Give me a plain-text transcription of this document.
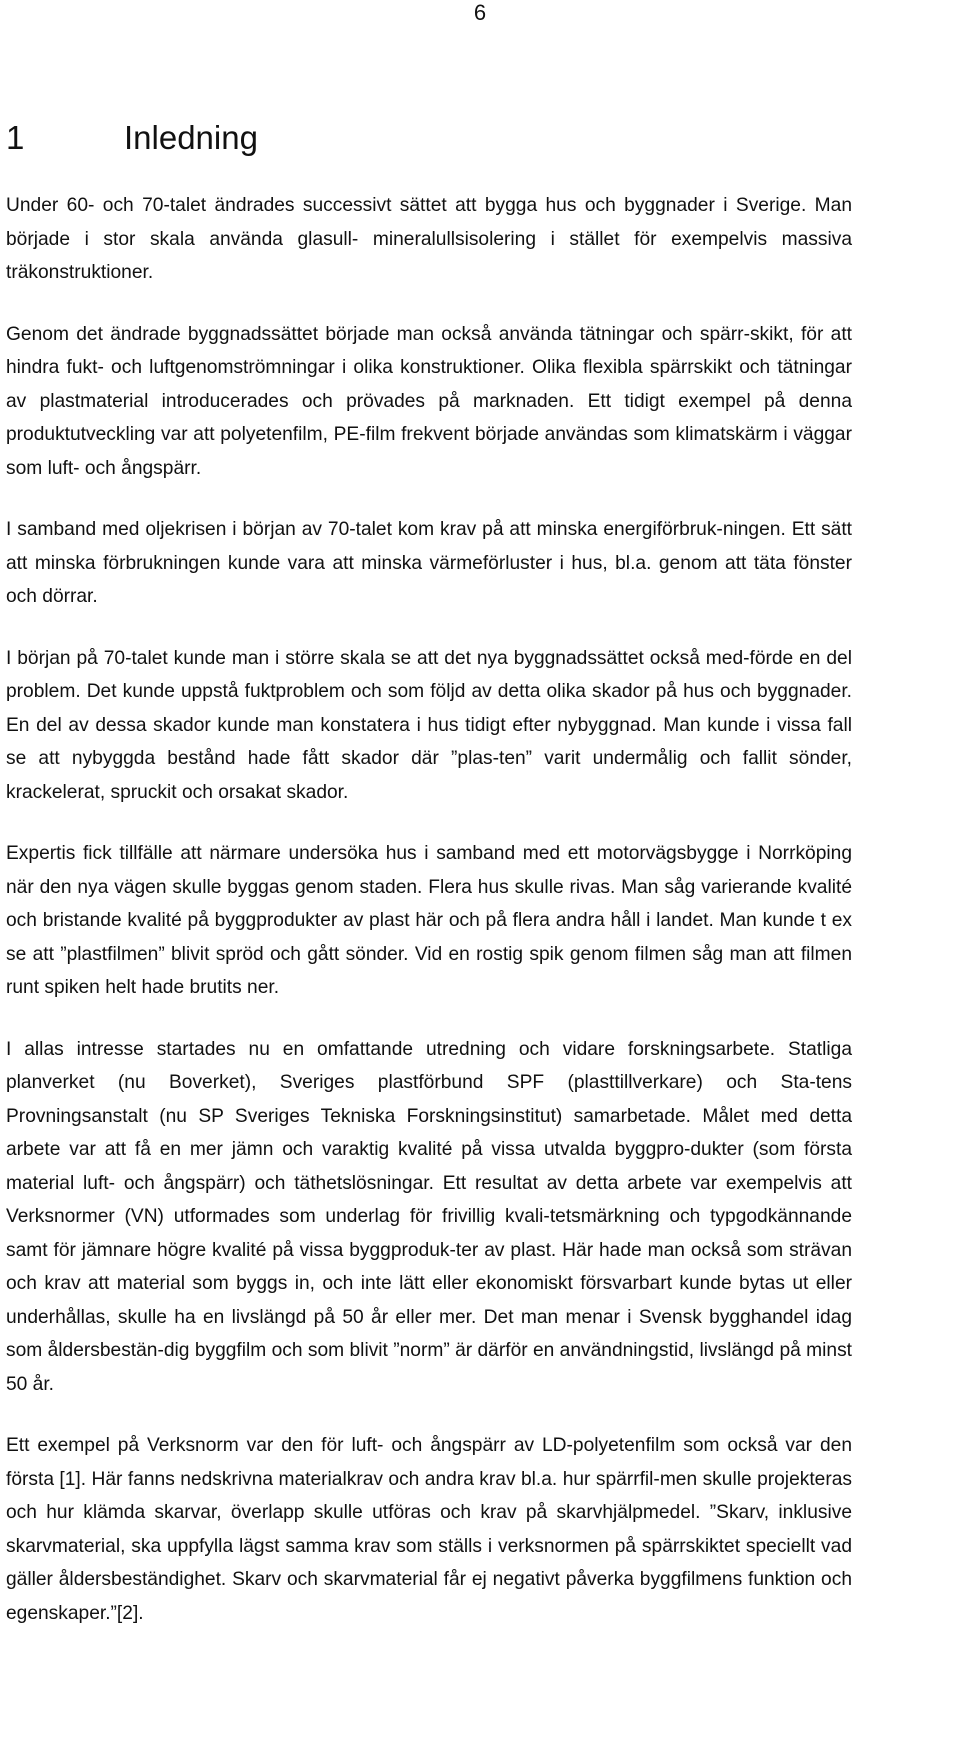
6
1	Inledning

Under 60- och 70-talet ändrades successivt sättet att bygga hus och byggnader i Sverige. Man började i stor skala använda glasull- mineralullsisolering i stället för exempelvis massiva träkonstruktioner.

Genom det ändrade byggnadssättet började man också använda tätningar och spärr-skikt, för att hindra fukt- och luftgenomströmningar i olika konstruktioner. Olika flexibla spärrskikt och tätningar av plastmaterial introducerades och prövades på marknaden. Ett tidigt exempel på denna produktutveckling var att polyetenfilm, PE-film frekvent började användas som klimatskärm i väggar som luft- och ångspärr.

I samband med oljekrisen i början av 70-talet kom krav på att minska energiförbruk-ningen. Ett sätt att minska förbrukningen kunde vara att minska värmeförluster i hus, bl.a. genom att täta fönster och dörrar.

I början på 70-talet kunde man i större skala se att det nya byggnadssättet också med-förde en del problem. Det kunde uppstå fuktproblem och som följd av detta olika skador på hus och byggnader. En del av dessa skador kunde man konstatera i hus tidigt efter nybyggnad. Man kunde i vissa fall se att nybyggda bestånd hade fått skador där ”plas-ten” varit undermålig och fallit sönder, krackelerat, spruckit och orsakat skador.

Expertis fick tillfälle att närmare undersöka hus i samband med ett motorvägsbygge i Norrköping när den nya vägen skulle byggas genom staden. Flera hus skulle rivas. Man såg varierande kvalité och bristande kvalité på byggprodukter av plast här och på flera andra håll i landet. Man kunde t ex se att ”plastfilmen” blivit spröd och gått sönder. Vid en rostig spik genom filmen såg man att filmen runt spiken helt hade brutits ner.

I allas intresse startades nu en omfattande utredning och vidare forskningsarbete. Statliga planverket (nu Boverket), Sveriges plastförbund SPF (plasttillverkare) och Sta-tens Provningsanstalt (nu SP Sveriges Tekniska Forskningsinstitut) samarbetade. Målet med detta arbete var att få en mer jämn och varaktig kvalité på vissa utvalda byggpro-dukter (som första material luft- och ångspärr) och täthetslösningar. Ett resultat av detta arbete var exempelvis att Verksnormer (VN) utformades som underlag för frivillig kvali-tetsmärkning och typgodkännande samt för jämnare högre kvalité på vissa byggproduk-ter av plast. Här hade man också som strävan och krav att material som byggs in, och inte lätt eller ekonomiskt försvarbart kunde bytas ut eller underhållas, skulle ha en livslängd på 50 år eller mer. Det man menar i Svensk bygghandel idag som åldersbestän-dig byggfilm och som blivit ”norm” är därför en användningstid, livslängd på minst 50 år.

Ett exempel på Verksnorm var den för luft- och ångspärr av LD-polyetenfilm som också var den första [1]. Här fanns nedskrivna materialkrav och andra krav bl.a. hur spärrfil-men skulle projekteras och hur klämda skarvar, överlapp skulle utföras och krav på skarvhjälpmedel. ”Skarv, inklusive skarvmaterial, ska uppfylla lägst samma krav som ställs i verksnormen på spärrskiktet speciellt vad gäller åldersbeständighet. Skarv och skarvmaterial får ej negativt påverka byggfilmens funktion och egenskaper.”[2].
